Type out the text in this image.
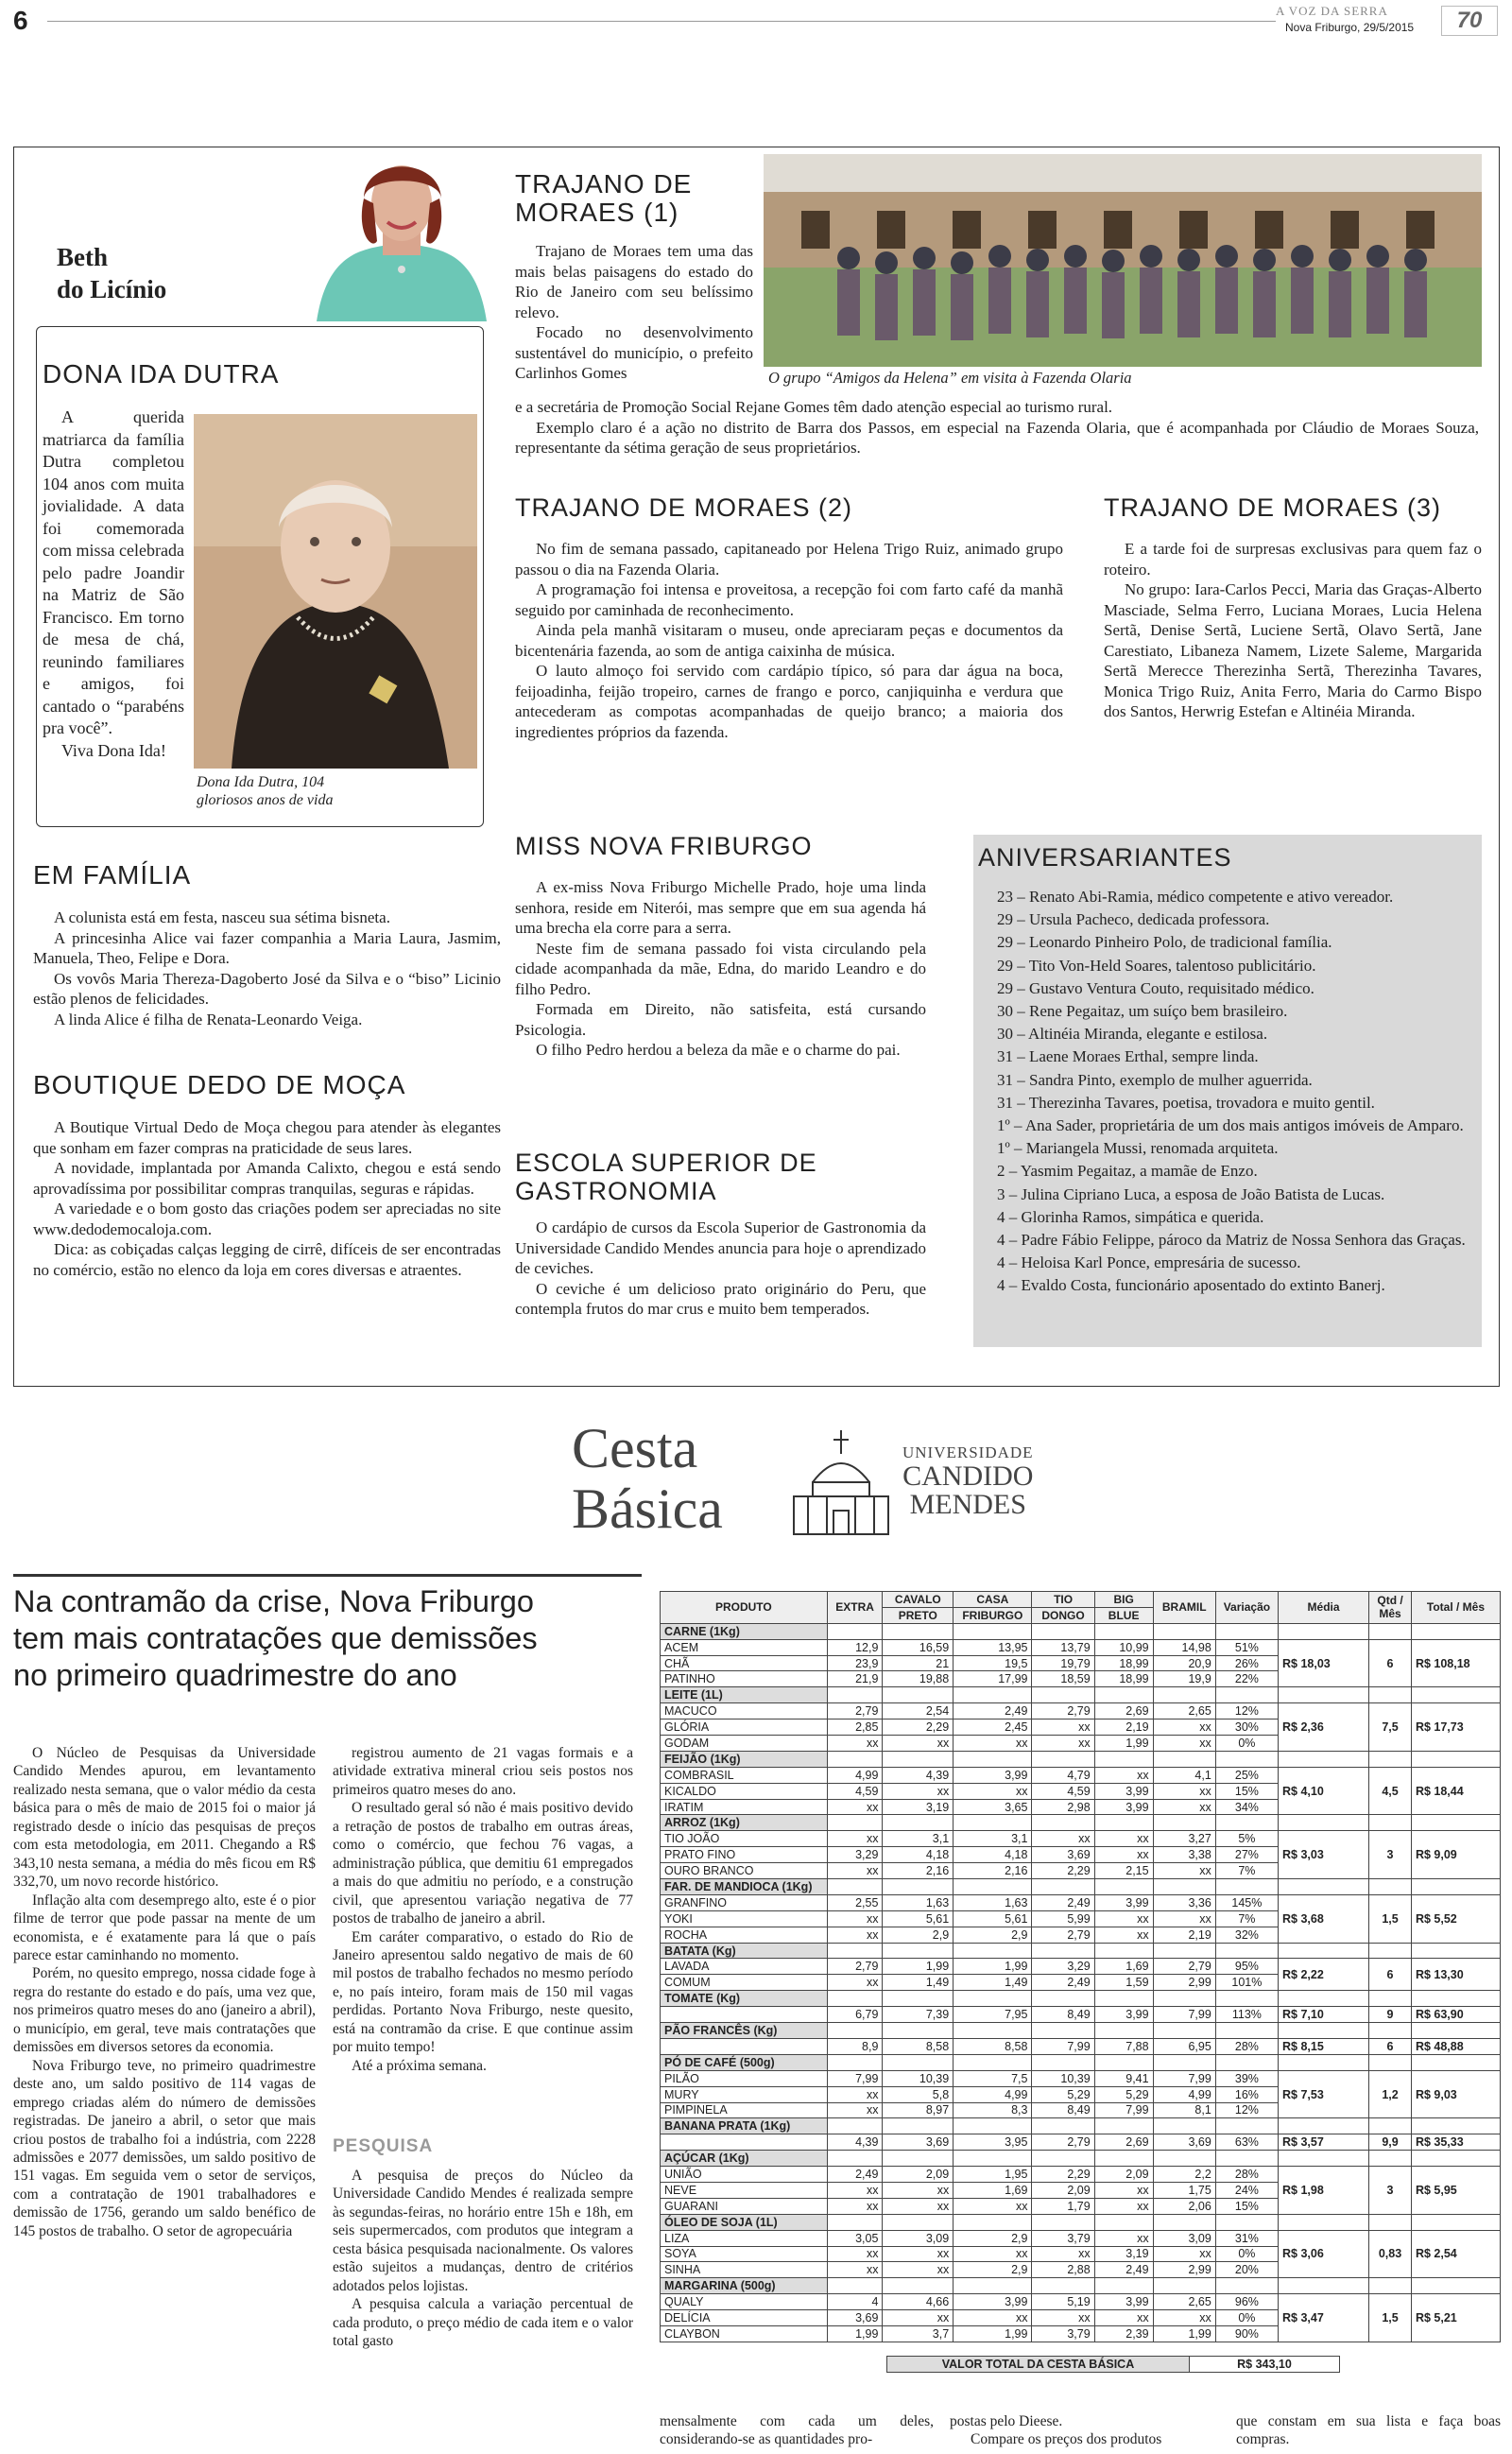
6	A VOZ DA SERRA
Nova Friburgo, 29/5/2015	70
Beth
do Licínio
DONA IDA DUTRA

A querida matriarca da família Dutra completou 104 anos com muita jovialidade. A data foi comemorada com missa celebrada pelo padre Joandir na Matriz de São Francisco. Em torno de mesa de chá, reunindo familiares e amigos, foi cantado o “parabéns pra você”.

Viva Dona Ida!

Dona Ida Dutra, 104
gloriosos anos de vida
EM FAMÍLIA

A colunista está em festa, nasceu sua sétima bisneta.

A princesinha Alice vai fazer companhia a Maria Laura, Jasmim, Manuela, Theo, Felipe e Dora.

Os vovôs Maria Thereza-Dagoberto José da Silva e o “biso” Licinio estão plenos de felicidades.

A linda Alice é filha de Renata-Leonardo Veiga.

BOUTIQUE DEDO DE MOÇA

A Boutique Virtual Dedo de Moça chegou para atender às elegantes que sonham em fazer compras na praticidade de seus lares.

A novidade, implantada por Amanda Calixto, chegou e está sendo aprovadíssima por possibilitar compras tranquilas, seguras e rápidas.

A variedade e o bom gosto das criações podem ser apreciadas no site www.dedodemocaloja.com.

Dica: as cobiçadas calças legging de cirrê, difíceis de ser encontradas no comércio, estão no elenco da loja em cores diversas e atraentes.

TRAJANO DE
MORAES (1)

Trajano de Moraes tem uma das mais belas paisagens do estado do Rio de Janeiro com seu belíssimo relevo.

Focado no desenvolvimento sustentável do município, o prefeito Carlinhos Gomes	O grupo “Amigos da Helena” em visita à Fazenda Olaria

e a secretária de Promoção Social Rejane Gomes têm dado atenção especial ao turismo rural.

Exemplo claro é a ação no distrito de Barra dos Passos, em especial na Fazenda Olaria, que é acompanhada por Cláudio de Moraes Souza, representante da sétima geração de seus proprietários.

TRAJANO DE MORAES (2)

No fim de semana passado, capitaneado por Helena Trigo Ruiz, animado grupo passou o dia na Fazenda Olaria.

A programação foi intensa e proveitosa, a recepção foi com farto café da manhã seguido por caminhada de reconhecimento.

Ainda pela manhã visitaram o museu, onde apreciaram peças e documentos da bicentenária fazenda, ao som de antiga caixinha de música.

O lauto almoço foi servido com cardápio típico, só para dar água na boca, feijoadinha, feijão tropeiro, carnes de frango e porco, canjiquinha e verdura que antecederam as compotas acompanhadas de queijo branco; a maioria dos ingredientes próprios da fazenda.

TRAJANO DE MORAES (3)

E a tarde foi de surpresas exclusivas para quem faz o roteiro.

No grupo: Iara-Carlos Pecci, Maria das Graças-Alberto Masciade, Selma Ferro, Luciana Moraes, Lucia Helena Sertã, Denise Sertã, Luciene Sertã, Olavo Sertã, Jane Carestiato, Libaneza Namem, Lizete Saleme, Margarida Sertã Merecce Therezinha Sertã, Therezinha Tavares, Monica Trigo Ruiz, Anita Ferro, Maria do Carmo Bispo dos Santos, Herwrig Estefan e Altinéia Miranda.

MISS NOVA FRIBURGO

A ex-miss Nova Friburgo Michelle Prado, hoje uma linda senhora, reside em Niterói, mas sempre que em sua agenda há uma brecha ela corre para a serra.

Neste fim de semana passado foi vista circulando pela cidade acompanhada da mãe, Edna, do marido Leandro e do filho Pedro.

Formada em Direito, não satisfeita, está cursando Psicologia.

O filho Pedro herdou a beleza da mãe e o charme do pai.

ESCOLA SUPERIOR DE
GASTRONOMIA

O cardápio de cursos da Escola Superior de Gastronomia da Universidade Candido Mendes anuncia para hoje o aprendizado de ceviches.

O ceviche é um delicioso prato originário do Peru, que contempla frutos do mar crus e muito bem temperados.

ANIVERSARIANTES

23 – Renato Abi-Ramia, médico competente e ativo vereador.

29 – Ursula Pacheco, dedicada professora.

29 – Leonardo Pinheiro Polo, de tradicional família.

29 – Tito Von-Held Soares, talentoso publicitário.

29 – Gustavo Ventura Couto, requisitado médico.

30 – Rene Pegaitaz, um suíço bem brasileiro.

30 – Altinéia Miranda, elegante e estilosa.

31 – Laene Moraes Erthal, sempre linda.

31 – Sandra Pinto, exemplo de mulher aguerrida.

31 – Therezinha Tavares, poetisa, trovadora e muito gentil.

1º – Ana Sader, proprietária de um dos mais antigos imóveis de Amparo.

1º – Mariangela Mussi, renomada arquiteta.

2 – Yasmim Pegaitaz, a mamãe de Enzo.

3 – Julina Cipriano Luca, a esposa de João Batista de Lucas.

4 – Glorinha Ramos, simpática e querida.

4 – Padre Fábio Felippe, pároco da Matriz de Nossa Senhora das Graças.

4 – Heloisa Karl Ponce, empresária de sucesso.

4 – Evaldo Costa, funcionário aposentado do extinto Banerj.

Cesta
Básica
UNIVERSIDADE
CANDIDO
MENDES
Na contramão da crise, Nova Friburgo tem mais contratações que demissões no primeiro quadrimestre do ano

O Núcleo de Pesquisas da Universidade Candido Mendes apurou, em levantamento realizado nesta semana, que o valor médio da cesta básica para o mês de maio de 2015 foi o maior já registrado desde o início das pesquisas de preços com esta metodologia, em 2011. Chegando a R$ 343,10 nesta semana, a média do mês ficou em R$ 332,70, um novo recorde histórico.

Inflação alta com desemprego alto, este é o pior filme de terror que pode passar na mente de um economista, e é exatamente para lá que o país parece estar caminhando no momento.

Porém, no quesito emprego, nossa cidade foge à regra do restante do estado e do país, uma vez que, nos primeiros quatro meses do ano (janeiro a abril), o município, em geral, teve mais contratações que demissões em diversos setores da economia.

Nova Friburgo teve, no primeiro quadrimestre deste ano, um saldo positivo de 114 vagas de emprego criadas além do número de demissões registradas. De janeiro a abril, o setor que mais criou postos de trabalho foi a indústria, com 2228 admissões e 2077 demissões, um saldo positivo de 151 vagas. Em seguida vem o setor de serviços, com a contratação de 1901 trabalhadores e demissão de 1756, gerando um saldo benéfico de 145 postos de trabalho. O setor de agropecuária

registrou aumento de 21 vagas formais e a atividade extrativa mineral criou seis postos nos primeiros quatro meses do ano.

O resultado geral só não é mais positivo devido a retração de postos de trabalho em outras áreas, como o comércio, que fechou 76 vagas, a administração pública, que demitiu 61 empregados a mais do que admitiu no período, e a construção civil, que apresentou variação negativa de 77 postos de trabalho de janeiro a abril.

Em caráter comparativo, o estado do Rio de Janeiro apresentou saldo negativo de mais de 60 mil postos de trabalho fechados no mesmo período e, no país inteiro, foram mais de 150 mil vagas perdidas. Portanto Nova Friburgo, neste quesito, está na contramão da crise. E que continue assim por muito tempo!

Até a próxima semana.

PESQUISA

A pesquisa de preços do Núcleo da Universidade Candido Mendes é realizada sempre às segundas-feiras, no horário entre 15h e 18h, em seis supermercados, com produtos que integram a cesta básica pesquisada nacionalmente. Os valores estão sujeitos a mudanças, dentro de critérios adotados pelos lojistas.

A pesquisa calcula a variação percentual de cada produto, o preço médio de cada item e o valor total gasto

mensalmente com cada um deles, considerando-se as quantidades pro-
postas pelo Dieese.
Compare os preços dos produtos
que constam em sua lista e faça boas compras.
PRODUTO	EXTRA	CAVALO	CASA	TIO	BIG	BRAMIL	Variação	Média	Qtd / Mês	Total / Mês
		PRETO	FRIBURGO	DONGO	BLUE					
CARNE (1Kg)										
ACEM	12,9	16,59	13,95	13,79	10,99	14,98	51%	R$ 18,03	6	R$ 108,18
CHÃ	23,9	21	19,5	19,79	18,99	20,9	26%			
PATINHO	21,9	19,88	17,99	18,59	18,99	19,9	22%			
LEITE (1L)										
MACUCO	2,79	2,54	2,49	2,79	2,69	2,65	12%	R$ 2,36	7,5	R$ 17,73
GLÓRIA	2,85	2,29	2,45	xx	2,19	xx	30%			
GODAM	xx	xx	xx	xx	1,99	xx	0%			
FEIJÃO (1Kg)										
COMBRASIL	4,99	4,39	3,99	4,79	xx	4,1	25%	R$ 4,10	4,5	R$ 18,44
KICALDO	4,59	xx	xx	4,59	3,99	xx	15%			
IRATIM	xx	3,19	3,65	2,98	3,99	xx	34%			
ARROZ (1Kg)										
TIO JOÃO	xx	3,1	3,1	xx	xx	3,27	5%	R$ 3,03	3	R$ 9,09
PRATO FINO	3,29	4,18	4,18	3,69	xx	3,38	27%			
OURO BRANCO	xx	2,16	2,16	2,29	2,15	xx	7%			
FAR. DE MANDIOCA (1Kg)										
GRANFINO	2,55	1,63	1,63	2,49	3,99	3,36	145%	R$ 3,68	1,5	R$ 5,52
YOKI	xx	5,61	5,61	5,99	xx	xx	7%			
ROCHA	xx	2,9	2,9	2,79	xx	2,19	32%			
BATATA (Kg)										
LAVADA	2,79	1,99	1,99	3,29	1,69	2,79	95%	R$ 2,22	6	R$ 13,30
COMUM	xx	1,49	1,49	2,49	1,59	2,99	101%			
TOMATE (Kg)										
	6,79	7,39	7,95	8,49	3,99	7,99	113%	R$ 7,10	9	R$ 63,90
PÃO FRANCÊS (Kg)										
	8,9	8,58	8,58	7,99	7,88	6,95	28%	R$ 8,15	6	R$ 48,88
PÓ DE CAFÉ (500g)										
PILÃO	7,99	10,39	7,5	10,39	9,41	7,99	39%	R$ 7,53	1,2	R$ 9,03
MURY	xx	5,8	4,99	5,29	5,29	4,99	16%			
PIMPINELA	xx	8,97	8,3	8,49	7,99	8,1	12%			
BANANA PRATA (1Kg)										
	4,39	3,69	3,95	2,79	2,69	3,69	63%	R$ 3,57	9,9	R$ 35,33
AÇÚCAR (1Kg)										
UNIÃO	2,49	2,09	1,95	2,29	2,09	2,2	28%	R$ 1,98	3	R$ 5,95
NEVE	xx	xx	1,69	2,09	xx	1,75	24%			
GUARANI	xx	xx	xx	1,79	xx	2,06	15%			
ÓLEO DE SOJA (1L)										
LIZA	3,05	3,09	2,9	3,79	xx	3,09	31%	R$ 3,06	0,83	R$ 2,54
SOYA	xx	xx	xx	xx	3,19	xx	0%			
SINHA	xx	xx	2,9	2,88	2,49	2,99	20%			
MARGARINA (500g)										
QUALY	4	4,66	3,99	5,19	3,99	2,65	96%	R$ 3,47	1,5	R$ 5,21
DELÍCIA	3,69	xx	xx	xx	xx	xx	0%			
CLAYBON	1,99	3,7	1,99	3,79	2,39	1,99	90%			
VALOR TOTAL DA CESTA BÁSICA	R$ 343,10
